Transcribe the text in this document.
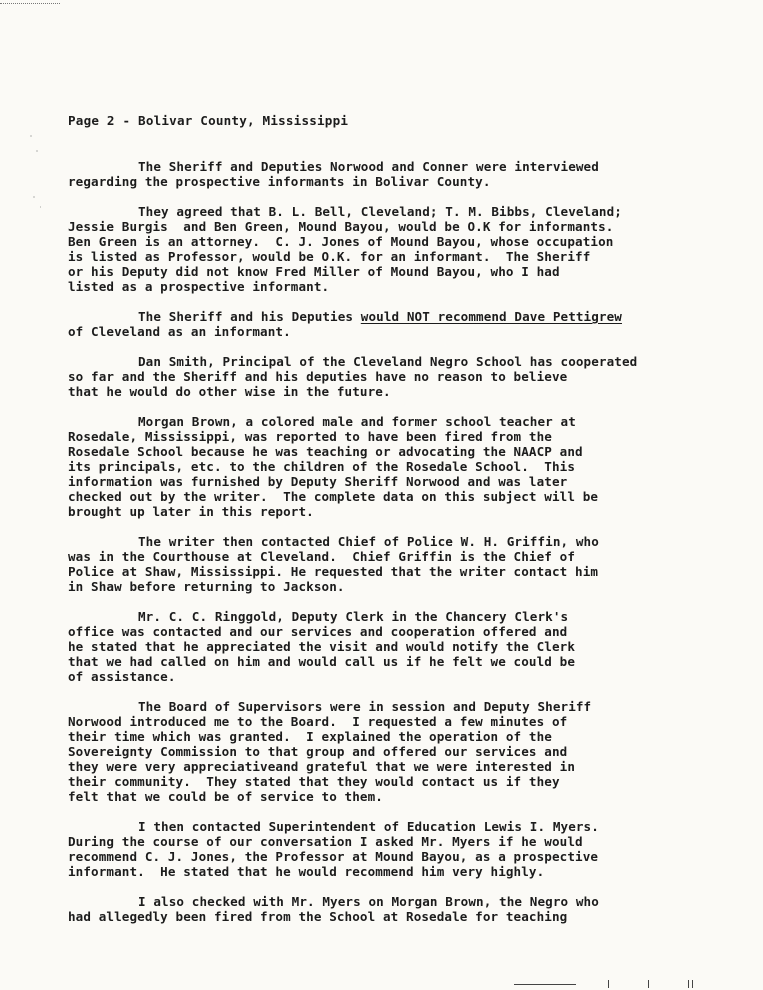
Page 2 - Bolivar County, Mississippi
The Sheriff and Deputies Norwood and Conner were interviewed
regarding the prospective informants in Bolivar County.
They agreed that B. L. Bell, Cleveland; T. M. Bibbs, Cleveland;
Jessie Burgis  and Ben Green, Mound Bayou, would be O.K for informants.
Ben Green is an attorney.  C. J. Jones of Mound Bayou, whose occupation
is listed as Professor, would be O.K. for an informant.  The Sheriff
or his Deputy did not know Fred Miller of Mound Bayou, who I had
listed as a prospective informant.
The Sheriff and his Deputies would NOT recommend Dave Pettigrew
of Cleveland as an informant.
Dan Smith, Principal of the Cleveland Negro School has cooperated
so far and the Sheriff and his deputies have no reason to believe
that he would do other wise in the future.
Morgan Brown, a colored male and former school teacher at
Rosedale, Mississippi, was reported to have been fired from the
Rosedale School because he was teaching or advocating the NAACP and
its principals, etc. to the children of the Rosedale School.  This
information was furnished by Deputy Sheriff Norwood and was later
checked out by the writer.  The complete data on this subject will be
brought up later in this report.
The writer then contacted Chief of Police W. H. Griffin, who
was in the Courthouse at Cleveland.  Chief Griffin is the Chief of
Police at Shaw, Mississippi. He requested that the writer contact him
in Shaw before returning to Jackson.
Mr. C. C. Ringgold, Deputy Clerk in the Chancery Clerk's
office was contacted and our services and cooperation offered and
he stated that he appreciated the visit and would notify the Clerk
that we had called on him and would call us if he felt we could be
of assistance.
The Board of Supervisors were in session and Deputy Sheriff
Norwood introduced me to the Board.  I requested a few minutes of
their time which was granted.  I explained the operation of the
Sovereignty Commission to that group and offered our services and
they were very appreciativeand grateful that we were interested in
their community.  They stated that they would contact us if they
felt that we could be of service to them.
I then contacted Superintendent of Education Lewis I. Myers.
During the course of our conversation I asked Mr. Myers if he would
recommend C. J. Jones, the Professor at Mound Bayou, as a prospective
informant.  He stated that he would recommend him very highly.
I also checked with Mr. Myers on Morgan Brown, the Negro who
had allegedly been fired from the School at Rosedale for teaching
